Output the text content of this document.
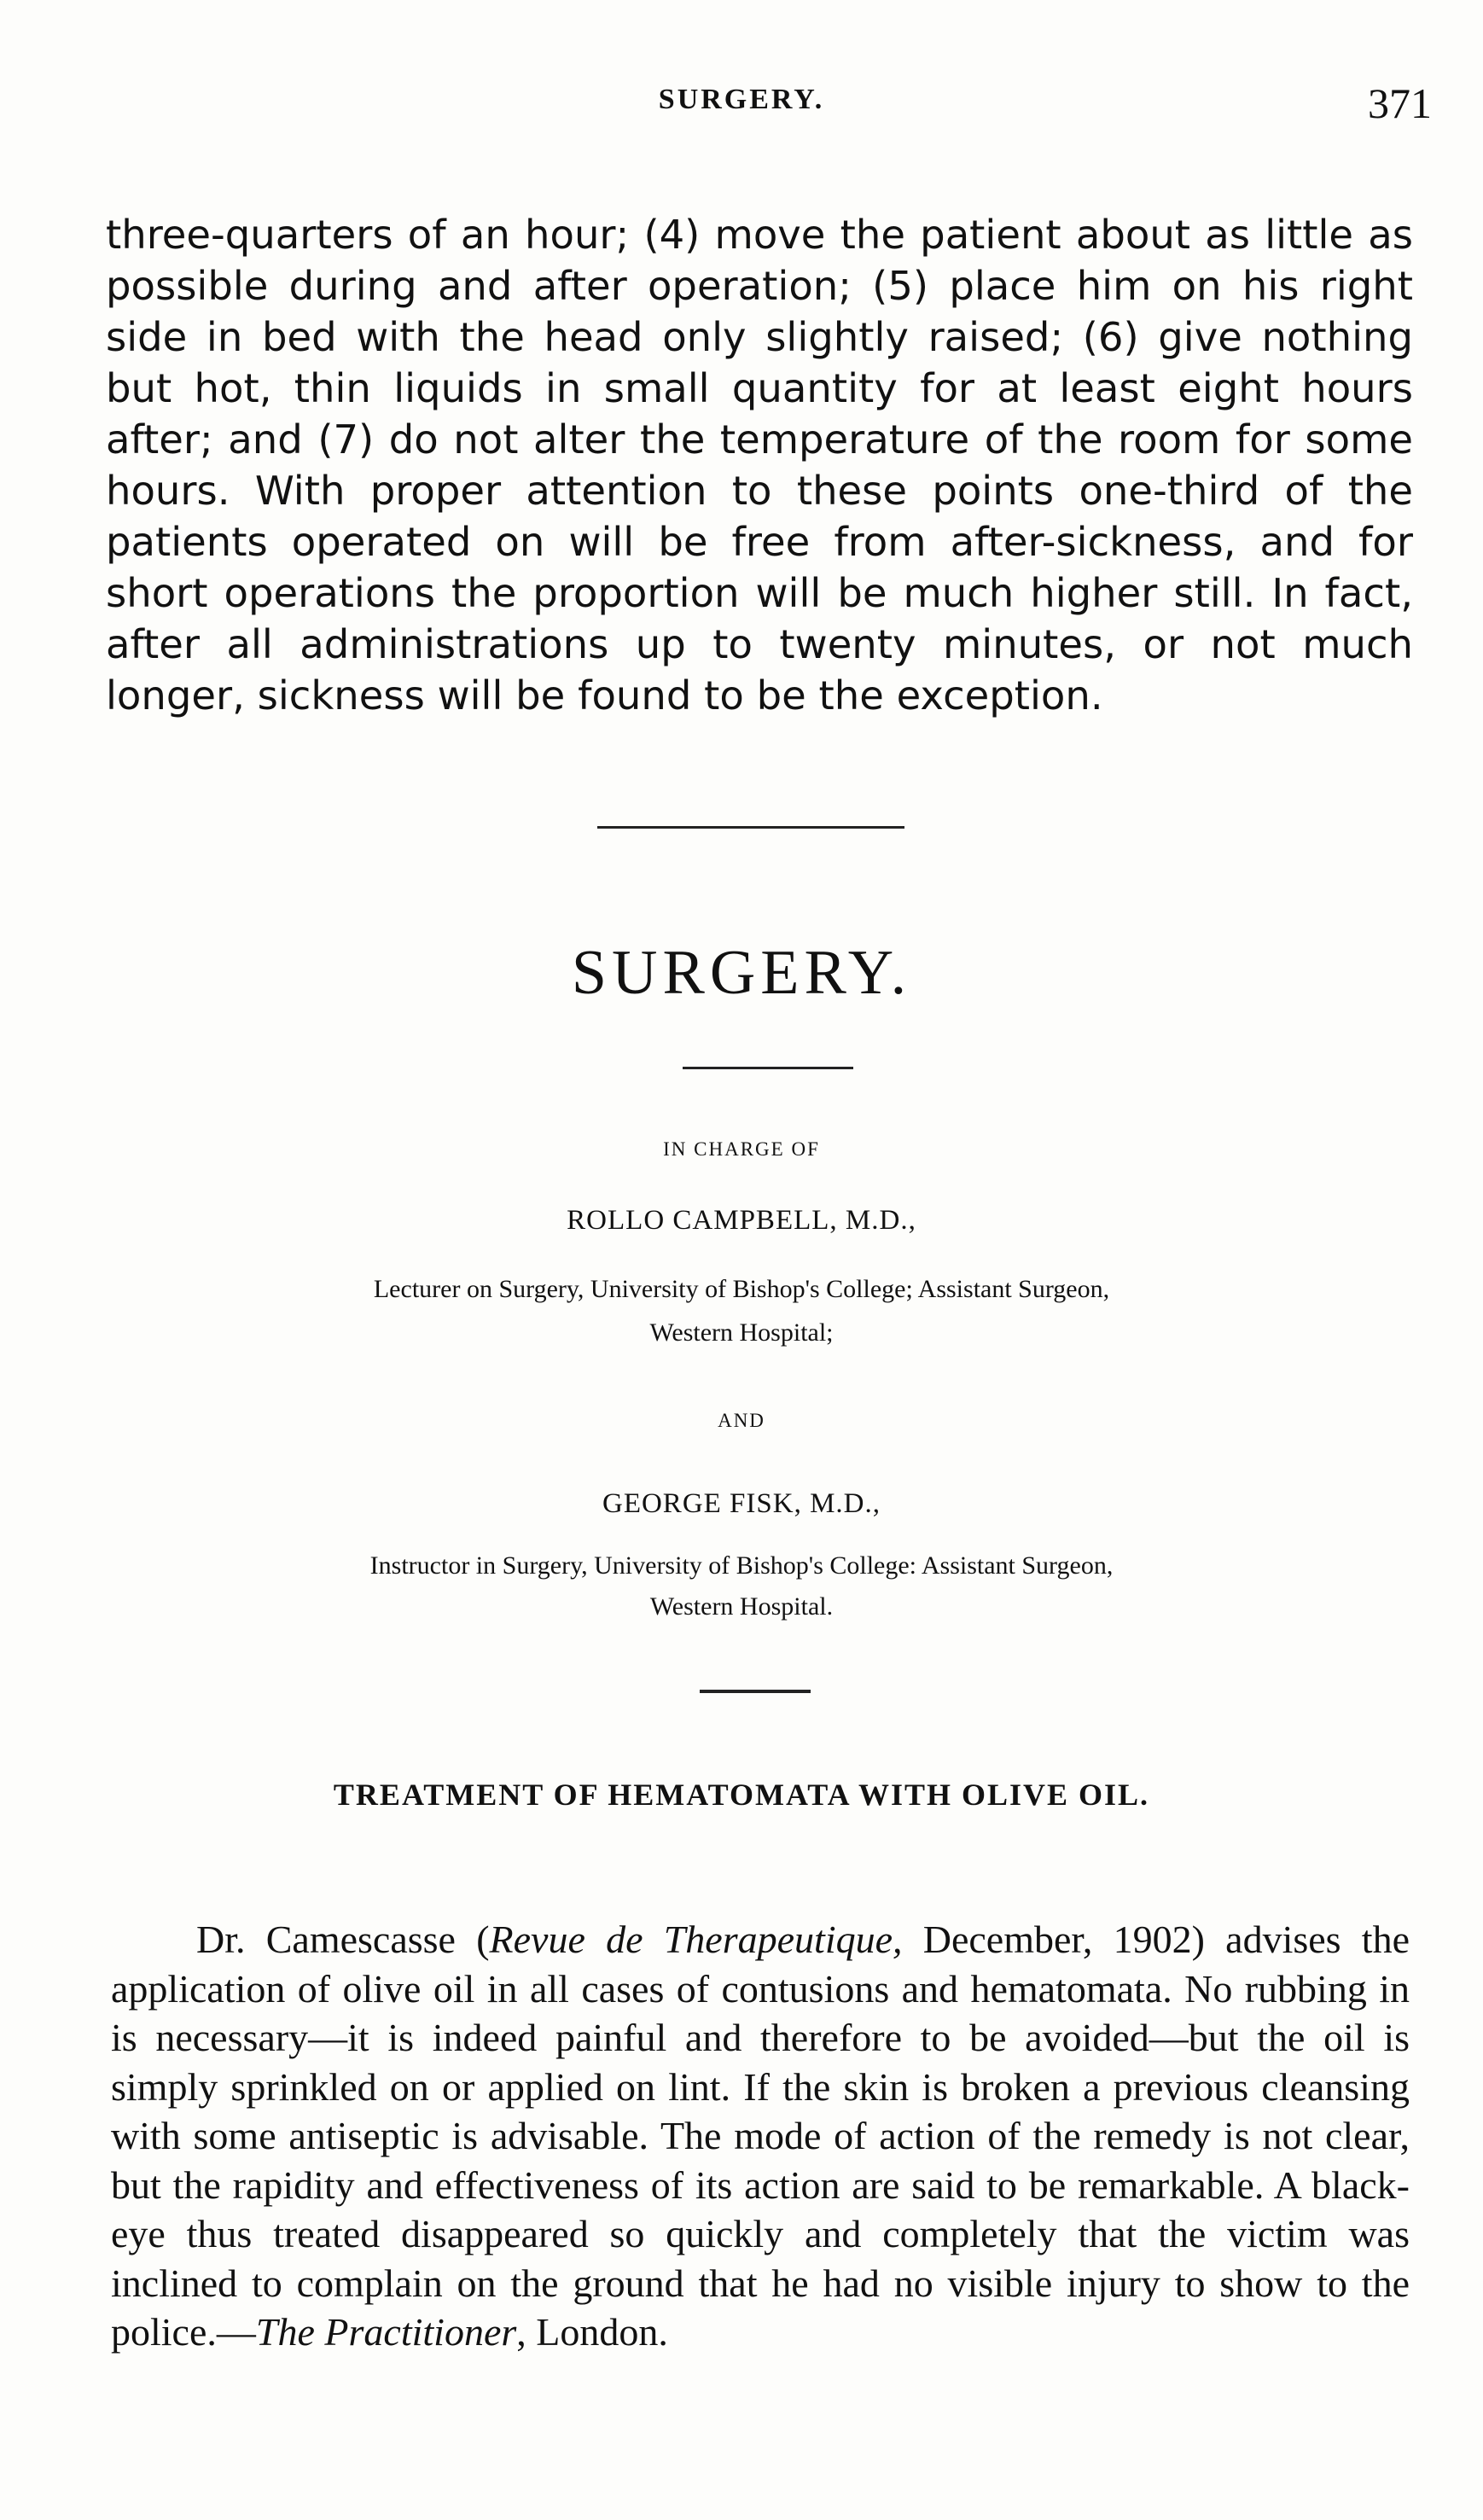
SURGERY.	371

three-quarters of an hour; (4) move the patient about as little as possible during and after operation; (5) place him on his right side in bed with the head only slightly raised; (6) give nothing but hot, thin liquids in small quantity for at least eight hours after; and (7) do not alter the temperature of the room for some hours. With proper attention to these points one-third of the patients operated on will be free from after-sickness, and for short operations the proportion will be much higher still. In fact, after all administrations up to twenty minutes, or not much longer, sickness will be found to be the exception.

SURGERY.
IN CHARGE OF
ROLLO CAMPBELL, M.D.,
Lecturer on Surgery, University of Bishop's College; Assistant Surgeon,
Western Hospital;
AND
GEORGE FISK, M.D.,
Instructor in Surgery, University of Bishop's College: Assistant Surgeon,
Western Hospital.
TREATMENT OF HEMATOMATA WITH OLIVE OIL.

Dr. Camescasse (Revue de Therapeutique, December, 1902) advises the application of olive oil in all cases of contusions and hematomata. No rubbing in is necessary—it is indeed painful and therefore to be avoided—but the oil is simply sprinkled on or applied on lint. If the skin is broken a previous cleansing with some antiseptic is advisable. The mode of action of the remedy is not clear, but the rapidity and effectiveness of its action are said to be remarkable. A black-eye thus treated disappeared so quickly and completely that the victim was inclined to complain on the ground that he had no visible injury to show to the police.—The Practitioner, London.
